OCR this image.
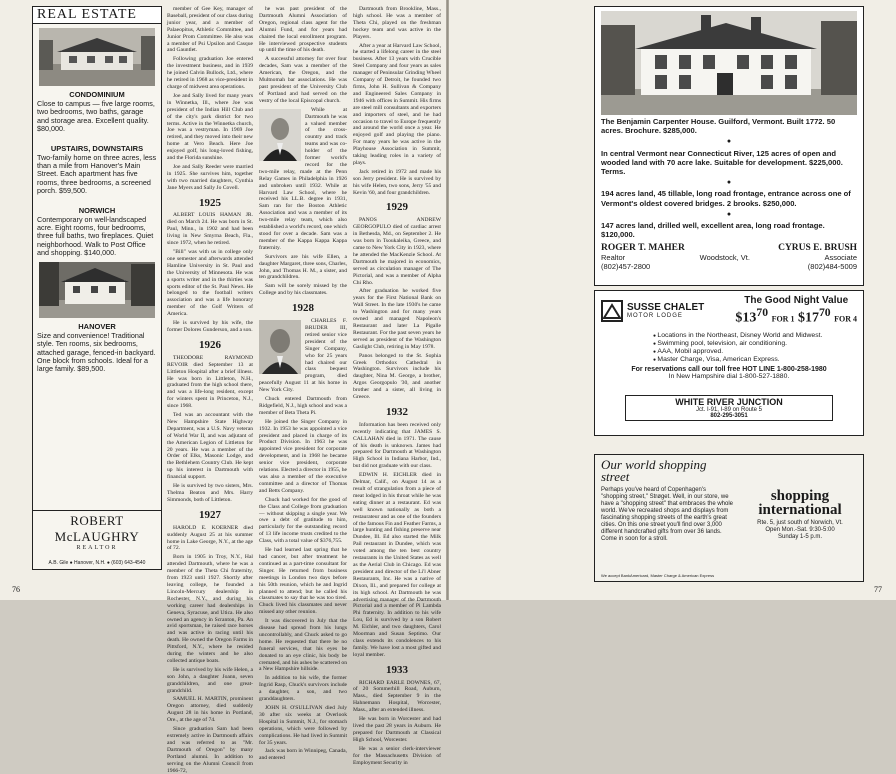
REAL ESTATE
CONDOMINIUM

Close to campus — five large rooms, two bedrooms, two baths, garage and storage area. Excellent quality. $80,000.

UPSTAIRS, DOWNSTAIRS

Two-family home on three acres, less than a mile from Hanover's Main Street. Each apartment has five rooms, three bedrooms, a screened porch. $59,500.

NORWICH

Contemporary on well-landscaped acre. Eight rooms, four bedrooms, three full baths, two fireplaces. Quiet neighborhood. Walk to Post Office and shopping. $140,000.

HANOVER

Size and convenience! Traditional style. Ten rooms, six bedrooms, attached garage, fenced-in backyard. One block from schools. Ideal for a large family. $89,500.

ROBERT McLAUGHRY
REALTOR
A.B. Gile ● Hanover, N.H. ● (603) 643-4540

member of Gee Key, manager of Baseball, president of our class during junior year, and a member of Palaeopitus, Athletic Committee, and Junior Prom Committee. He also was a member of Psi Upsilon and Casque and Gauntlet.

Following graduation Joe entered the investment business, and in 1939 he joined Calvin Bullock, Ltd., where he retired in 1968 as vice-president in charge of midwest area operations.

Joe and Sally lived for many years in Winnetka, Ill., where Joe was president of the Indian Hill Club and of the city's park district for two terms. Active in the Winnetka church, Joe was a vestryman. In 1969 Joe retired, and they moved into their new home at Vero Beach. Here Joe enjoyed golf, his long-loved fishing, and the Florida sunshine.

Joe and Sally Reeder were married in 1925. She survives him, together with two married daughters, Cynthia Jane Myers and Sally Jo Covell.

1925

ALBERT LOUIS HAMAN JR. died on March 24. He was born in St. Paul, Minn., in 1902 and had been living in New Smyrna Beach, Fla., since 1972, when he retired.

"Bill" was with us in college only one semester and afterwards attended Hamline University in St. Paul and the University of Minnesota. He was a sports writer and in the thirties was sports editor of the St. Paul News. He belonged to the football writers association and was a life honorary member of the Golf Writers of America.

He is survived by his wife, the former Dolores Gunderson, and a son.

1926

THEODORE RAYMOND REVOIR died September 13 at Littleton Hospital after a brief illness. He was born in Littleton, N.H., graduated from the high school there, and was a life-long resident, except for winters spent in Princeton, N.J., since 1968.

Ted was an accountant with the New Hampshire State Highway Department, was a U.S. Navy veteran of World War II, and was adjutant of the American Legion of Littleton for 20 years. He was a member of the Order of Elks, Masonic Lodge, and the Bethlehem Country Club. He kept up his interest in Dartmouth with financial support.

He is survived by two sisters, Mrs. Thelma Beaton and Mrs. Harry Simmonds, both of Littleton.

1927

HAROLD E. KOERNER died suddenly August 25 at his summer home in Lake George, N.Y., at the age of 72.

Born in 1905 in Troy, N.Y., Hal attended Dartmouth, where he was a member of the Theta Chi fraternity, from 1923 until 1927. Shortly after leaving college, he founded a Lincoln-Mercury dealership in Rochester, N.Y., and during his working career had dealerships in Geneva, Syracuse, and Utica. He also owned an agency in Scranton, Pa. An avid sportsman, he raised race horses and was active in racing until his death. He owned the Oregon Farms in Pittsford, N.Y., where he resided during the winters and he also collected antique boats.

He is survived by his wife Helen, a son John, a daughter Joann, seven grandchildren, and one great-grandchild.

SAMUEL H. MARTIN, prominent Oregon attorney, died suddenly August 28 in his home in Portland, Ore., at the age of 74.

Since graduation Sam had been extremely active in Dartmouth affairs and was referred to as "Mr. Dartmouth of Oregon" by many Portland alumni. In addition to serving on the Alumni Council from 1966-72,

he was past president of the Dartmouth Alumni Association of Oregon, regional class agent for the Alumni Fund, and for years had chaired the local enrollment program. He interviewed prospective students up until the time of his death.

A successful attorney for over four decades, Sam was a member of the American, the Oregon, and the Multnomah bar associations. He was past president of the University Club of Portland and had served on the vestry of the local Episcopal church.

While at Dartmouth he was a valued member of the cross-country and track teams and was co-holder of the former world's record for the two-mile relay, made at the Penn Relay Games in Philadelphia in 1926 and unbroken until 1932. While at Harvard Law School, where he received his LL.B. degree in 1931, Sam ran for the Boston Athletic Association and was a member of its two-mile relay team, which also established a world's record, one which stood for over a decade. Sam was a member of the Kappa Kappa Kappa fraternity.

Survivors are his wife Ellen, a daughter Margaret, three sons, Charles, John, and Thomas H. M., a sister, and ten grandchildren.

Sam will be sorely missed by the College and by his classmates.

1928

CHARLES F. BRUDER III, retired senior vice president of the Singer Company, who for 25 years had chaired our class bequest program, died peacefully August 11 at his home in New York City.

Chuck entered Dartmouth from Ridgefield, N.J., high school and was a member of Beta Theta Pi.

He joined the Singer Company in 1932. In 1953 he was appointed a vice president and placed in charge of its Product Division. In 1963 he was appointed vice president for corporate development, and in 1968 he became senior vice president, corporate relations. Elected a director in 1955, he was also a member of the executive committee and a director of Thomas and Betts Company.

Chuck had worked for the good of the Class and College from graduation — without skipping a single year. We owe a debt of gratitude to him, particularly for the outstanding record of 13 life income trusts credited to the Class, with a total value of $376,755.

He had learned last spring that he had cancer, but after treatment he continued as a part-time consultant for Singer. He returned from business meetings in London two days before his 50th reunion, which he and Ingrid planned to attend; but he called his classmates to say that he was too tired. Chuck lived his classmates and never missed any other reunion.

It was discovered in July that the disease had spread from his lungs uncontrollably, and Chuck asked to go home. He requested that there be no funeral services, that his eyes be donated to an eye clinic, his body be cremated, and his ashes be scattered on a New Hampshire hillside.

In addition to his wife, the former Ingrid Rasp, Chuck's survivors include a daughter, a son, and two granddaughters.

JOHN H. O'SULLIVAN died July 30 after six weeks at Overlook Hospital in Summit, N.J., for stomach operations, which were followed by complications. He had lived in Summit for 35 years.

Jack was born in Winnipeg, Canada, and entered

Dartmouth from Brookline, Mass., high school. He was a member of Theta Chi, played on the freshman hockey team and was active in the Players.

After a year at Harvard Law School, he started a lifelong career in the steel business. After 13 years with Crucible Steel Company and four years as sales manager of Peninsular Grinding Wheel Company of Detroit, he founded two firms, John H. Sullivan & Company and Engineered Sales Company in 1946 with offices in Summit. His firms are steel mill consultants and exporters and importers of steel, and he had occasion to travel to Europe frequently and around the world once a year. He enjoyed golf and playing the piano. For many years he was active in the Playhouse Association in Summit, taking leading roles in a variety of plays.

Jack retired in 1972 and made his son Jerry president. He is survived by his wife Helen, two sons, Jerry '55 and Kevin '60, and four grandchildren.

1929

PANOS ANDREW GEORGOPULO died of cardiac arrest in Bethesda, Md., on September 2. He was born in Tsoukaleika, Greece, and came to New York City in 1923, where he attended the MacKenzie School. At Dartmouth he majored in economics, served as circulation manager of The Pictorial, and was a member of Alpha Chi Rho.

After graduation he worked five years for the First National Bank on Wall Street. In the late 1930's he came to Washington and for many years owned and managed Napoleon's Restaurant and later La Pigalle Restaurant. For the past seven years he served as president of the Washington Gaslight Club, retiring in May 1978.

Panos belonged to the St. Sophia Greek Orthodox Cathedral in Washington. Survivors include his daughter, Nina M. George, a brother, Argos Georgopulo '30, and another brother and a sister, all living in Greece.

1932

Information has been received only recently indicating that JAMES S. CALLAHAN died in 1971. The cause of his death is unknown. James had prepared for Dartmouth at Washington High School in Indiana Harbor, Ind., but did not graduate with our class.

EDWIN H. EICHLER died in Delmar, Calif., on August 14 as a result of strangulation from a piece of meat lodged in his throat while he was eating dinner at a restaurant. Ed was well known nationally as both a restaurateur and as one of the founders of the famous Fin and Feather Farms, a large hunting and fishing preserve near Dundee, Ill. Ed also started the Milk Pail restaurant in Dundee, which was voted among the ten best country restaurants in the United States as well as the Aerial Club in Chicago. Ed was president and director of the Li'l Abner Restaurants, Inc. He was a native of Dixon, Ill., and prepared for college at its high school. At Dartmouth he was advertising manager of the Dartmouth Pictorial and a member of Pi Lambda Phi fraternity. In addition to his wife Lou, Ed is survived by a son Robert M. Eichler, and two daughters, Carol Moorman and Susan Septimo. Our class extends its condolences to his family. We have lost a most gifted and loyal member.

1933

RICHARD EARLE DOWNES, 67, of 20 Sommerhill Road, Auburn, Mass., died September 9 in the Hahnemann Hospital, Worcester, Mass., after an extended illness.

He was born in Worcester and had lived the past 28 years in Auburn. He prepared for Dartmouth at Classical High School, Worcester.

He was a senior clerk-interviewer for the Massachusetts Division of Employment Security in

76

The Benjamin Carpenter House. Guilford, Vermont. Built 1772. 50 acres. Brochure. $285,000.

●

In central Vermont near Connecticut River, 125 acres of open and wooded land with 70 acre lake. Suitable for development. $225,000. Terms.

●

194 acres land, 45 tillable, long road frontage, entrance across one of Vermont's oldest covered bridges. 2 brooks. $250,000.

●

147 acres land, drilled well, excellent area, long road frontage. $120,000.

ROGER T. MAHER	CYRUS E. BRUSH
Realtor	Woodstock, Vt.	Associate
(802)457-2800	(802)484-5009
SUSSE CHALET
MOTOR LODGE
The Good Night Value
$\$13^{70}$ FOR 1 $\$17^{70}$ FOR 4
● Locations in the Northeast, Disney World and Midwest.
● Swimming pool, television, air conditioning.
● AAA, Mobil approved.
● Master Charge, Visa, American Express.
For reservations call our toll free HOT LINE 1-800-258-1980
In New Hampshire dial 1-800-527-1880.
WHITE RIVER JUNCTION
Jct. I-91, I-89 on Route 5
802-295-3051
Our world shopping street
Perhaps you've heard of Copenhagen's "shopping street," Strøget. Well, in our store, we have a "shopping street" that embraces the whole world. We've recreated shops and displays from fascinating shopping streets of the earth's great cities. On this one street you'll find over 3,000 different handcrafted gifts from over 36 lands. Come in soon for a stroll.
shopping international
Rte. 5, just south of Norwich, Vt.
Open Mon.-Sat. 9:30-5:00
Sunday 1-5 p.m.
We accept BankAmericard, Master Charge & American Express
77
